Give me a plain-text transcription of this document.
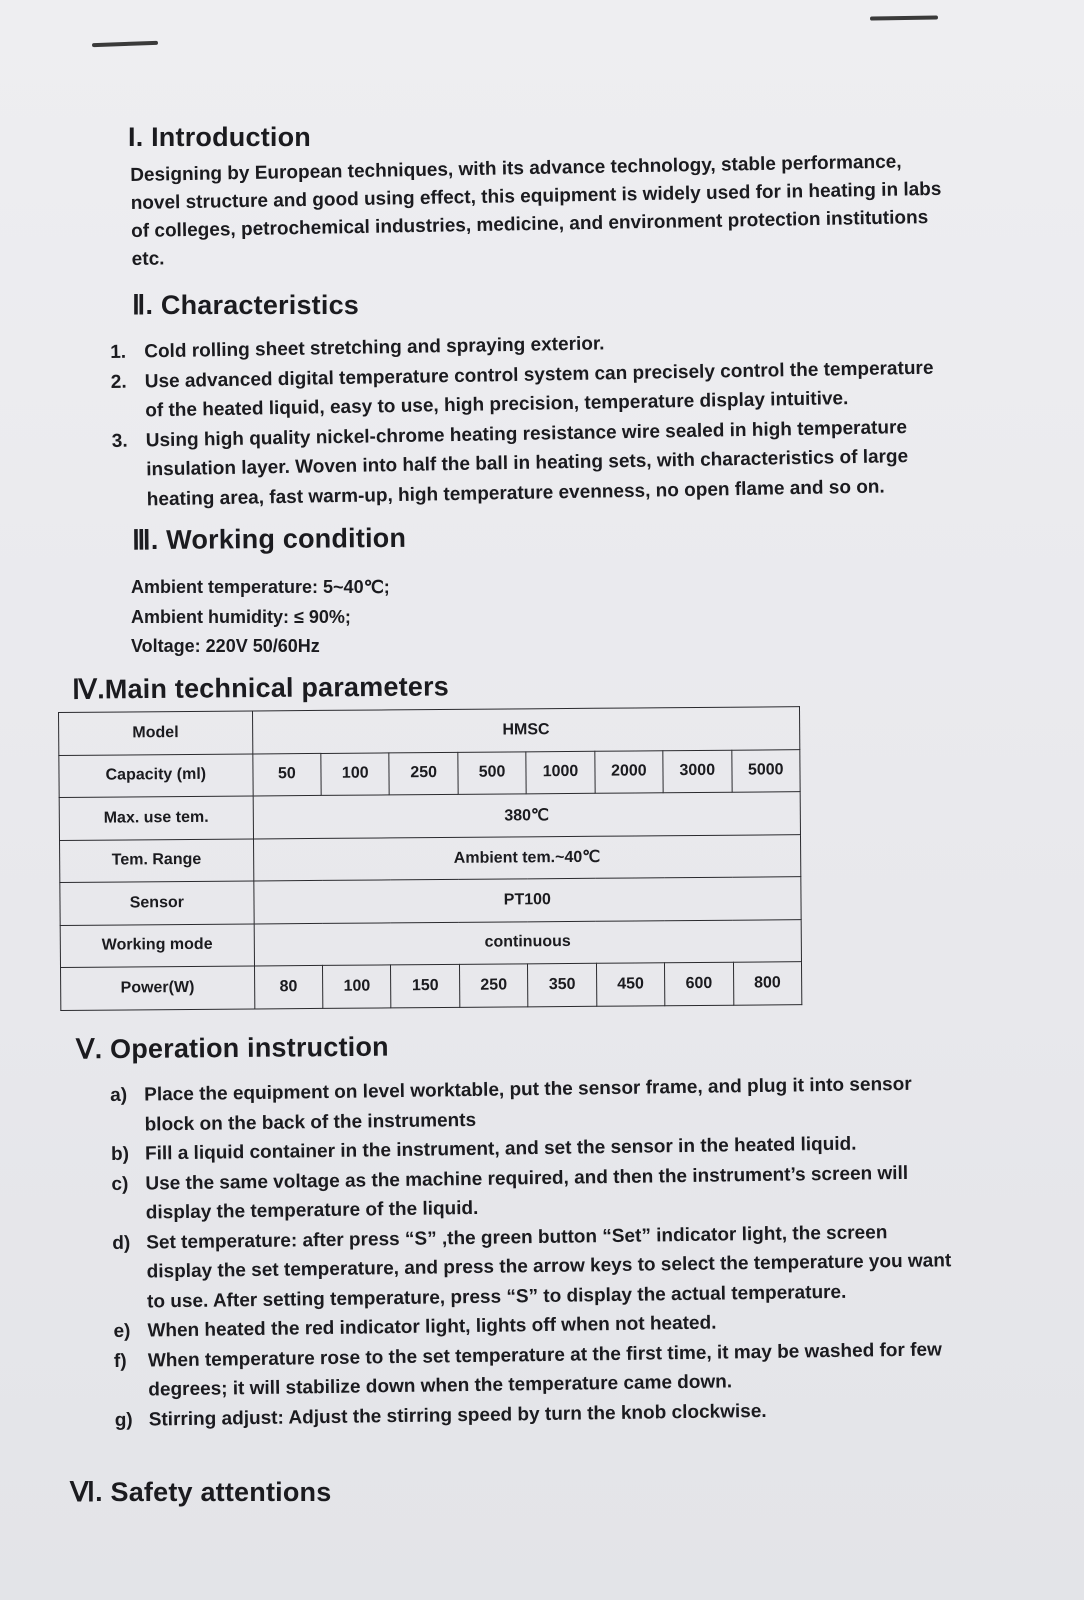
I. Introduction
Designing by European techniques, with its advance technology, stable performance,
novel structure and good using effect, this equipment is widely used for in heating in labs
of colleges, petrochemical industries, medicine, and environment protection institutions
etc.
Ⅱ. Characteristics
1. Cold rolling sheet stretching and spraying exterior.
2. Use advanced digital temperature control system can precisely control the temperature
of the heated liquid, easy to use, high precision, temperature display intuitive.
3. Using high quality nickel-chrome heating resistance wire sealed in high temperature
insulation layer. Woven into half the ball in heating sets, with characteristics of large
heating area, fast warm-up, high temperature evenness, no open flame and so on.
Ⅲ. Working condition
Ambient temperature: 5~40℃;
Ambient humidity: ≤ 90%;
Voltage: 220V 50/60Hz
Ⅳ.Main technical parameters
Model	HMSC							
Capacity (ml)	50	100	250	500	1000	2000	3000	5000
Max. use tem.	380℃							
Tem. Range	Ambient tem.~40℃							
Sensor	PT100							
Working mode	continuous							
Power(W)	80	100	150	250	350	450	600	800
Ⅴ. Operation instruction
a) Place the equipment on level worktable, put the sensor frame, and plug it into sensor
block on the back of the instruments
b) Fill a liquid container in the instrument, and set the sensor in the heated liquid.
c) Use the same voltage as the machine required, and then the instrument’s screen will
display the temperature of the liquid.
d) Set temperature: after press “S” ,the green button “Set” indicator light, the screen
display the set temperature, and press the arrow keys to select the temperature you want
to use. After setting temperature, press “S” to display the actual temperature.
e) When heated the red indicator light, lights off when not heated.
f) When temperature rose to the set temperature at the first time, it may be washed for few
degrees; it will stabilize down when the temperature came down.
g) Stirring adjust: Adjust the stirring speed by turn the knob clockwise.
Ⅵ. Safety attentions
